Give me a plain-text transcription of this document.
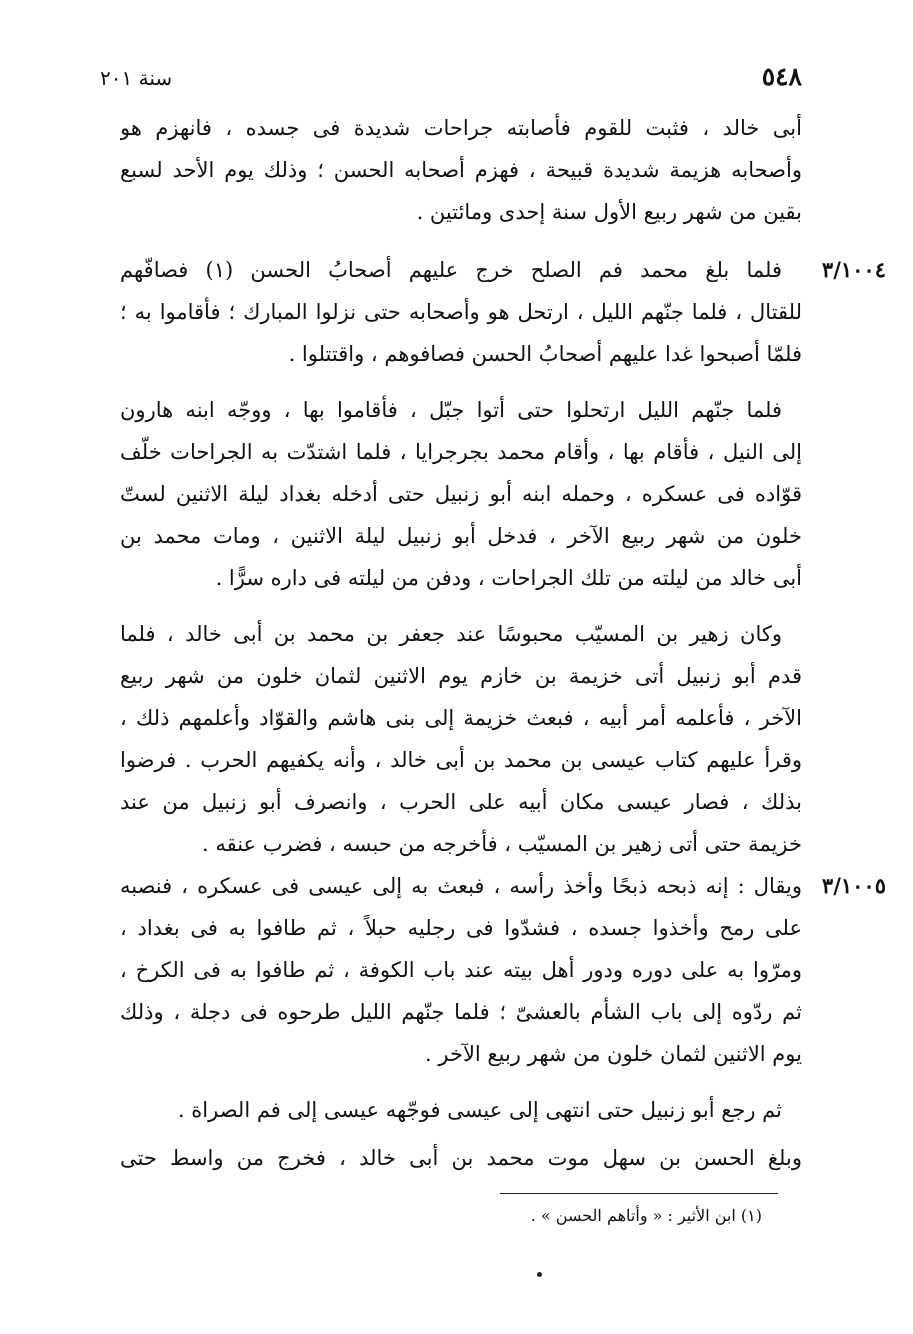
٥٤٨
سنة ٢٠١
أبى خالد ، فثبت للقوم فأصابته جراحات شديدة فى جسده ، فانهزم هو
وأصحابه هزيمة شديدة قبيحة ، فهزم أصحابه الحسن ؛ وذلك يوم الأحد لسبع
بقين من شهر ربيع الأول سنة إحدى ومائتين .
٣/١٠٠٤
فلما بلغ محمد فم الصلح خرج عليهم أصحابُ الحسن (١) فصافّهم
للقتال ، فلما جنّهم الليل ، ارتحل هو وأصحابه حتى نزلوا المبارك ؛ فأقاموا به ؛
فلمّا أصبحوا غدا عليهم أصحابُ الحسن فصافوهم ، واقتتلوا .
فلما جنّهم الليل ارتحلوا حتى أتوا جبّل ، فأقاموا بها ، ووجّه ابنه هارون
إلى النيل ، فأقام بها ، وأقام محمد بجرجرايا ، فلما اشتدّت به الجراحات خلّف
قوّاده فى عسكره ، وحمله ابنه أبو زنبيل حتى أدخله بغداد ليلة الاثنين لستّ
خلون من شهر ربيع الآخر ، فدخل أبو زنبيل ليلة الاثنين ، ومات محمد بن
أبى خالد من ليلته من تلك الجراحات ، ودفن من ليلته فى داره سرًّا .
وكان زهير بن المسيّب محبوسًا عند جعفر بن محمد بن أبى خالد ، فلما
قدم أبو زنبيل أتى خزيمة بن خازم يوم الاثنين لثمان خلون من شهر ربيع
الآخر ، فأعلمه أمر أبيه ، فبعث خزيمة إلى بنى هاشم والقوّاد وأعلمهم ذلك ،
وقرأ عليهم كتاب عيسى بن محمد بن أبى خالد ، وأنه يكفيهم الحرب . فرضوا
بذلك ، فصار عيسى مكان أبيه على الحرب ، وانصرف أبو زنبيل من عند
خزيمة حتى أتى زهير بن المسيّب ، فأخرجه من حبسه ، فضرب عنقه .
٣/١٠٠٥
ويقال : إنه ذبحه ذبحًا وأخذ رأسه ، فبعث به إلى عيسى فى عسكره ، فنصبه
على رمح وأخذوا جسده ، فشدّوا فى رجليه حبلاً ، ثم طافوا به فى بغداد ،
ومرّوا به على دوره ودور أهل بيته عند باب الكوفة ، ثم طافوا به فى الكرخ ،
ثم ردّوه إلى باب الشأم بالعشىّ ؛ فلما جنّهم الليل طرحوه فى دجلة ، وذلك
يوم الاثنين لثمان خلون من شهر ربيع الآخر .
ثم رجع أبو زنبيل حتى انتهى إلى عيسى فوجّهه عيسى إلى فم الصراة .
وبلغ الحسن بن سهل موت محمد بن أبى خالد ، فخرج من واسط حتى
(١) ابن الأثير : « وأتاهم الحسن » .
